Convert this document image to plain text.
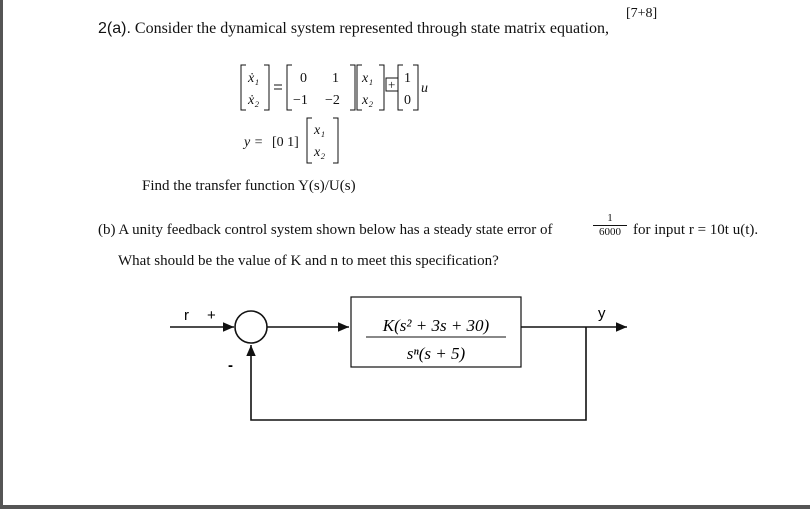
[7+8]
2(a). Consider the dynamical system represented through state matrix equation,
ẋ₁
ẋ₂
0 1
−1 −2
x₁
x₂
+ 1
0
u
y = [0 1]
x₁
x₂
Find the transfer function Y(s)/U(s)
(b) A unity feedback control system shown below has a steady state error of	$\frac{1}{6000}$ for input r = 10t u(t).
What should be the value of K and n to meet this specification?
r +
-
y
K(s² + 3s + 30)
sⁿ(s + 5)
